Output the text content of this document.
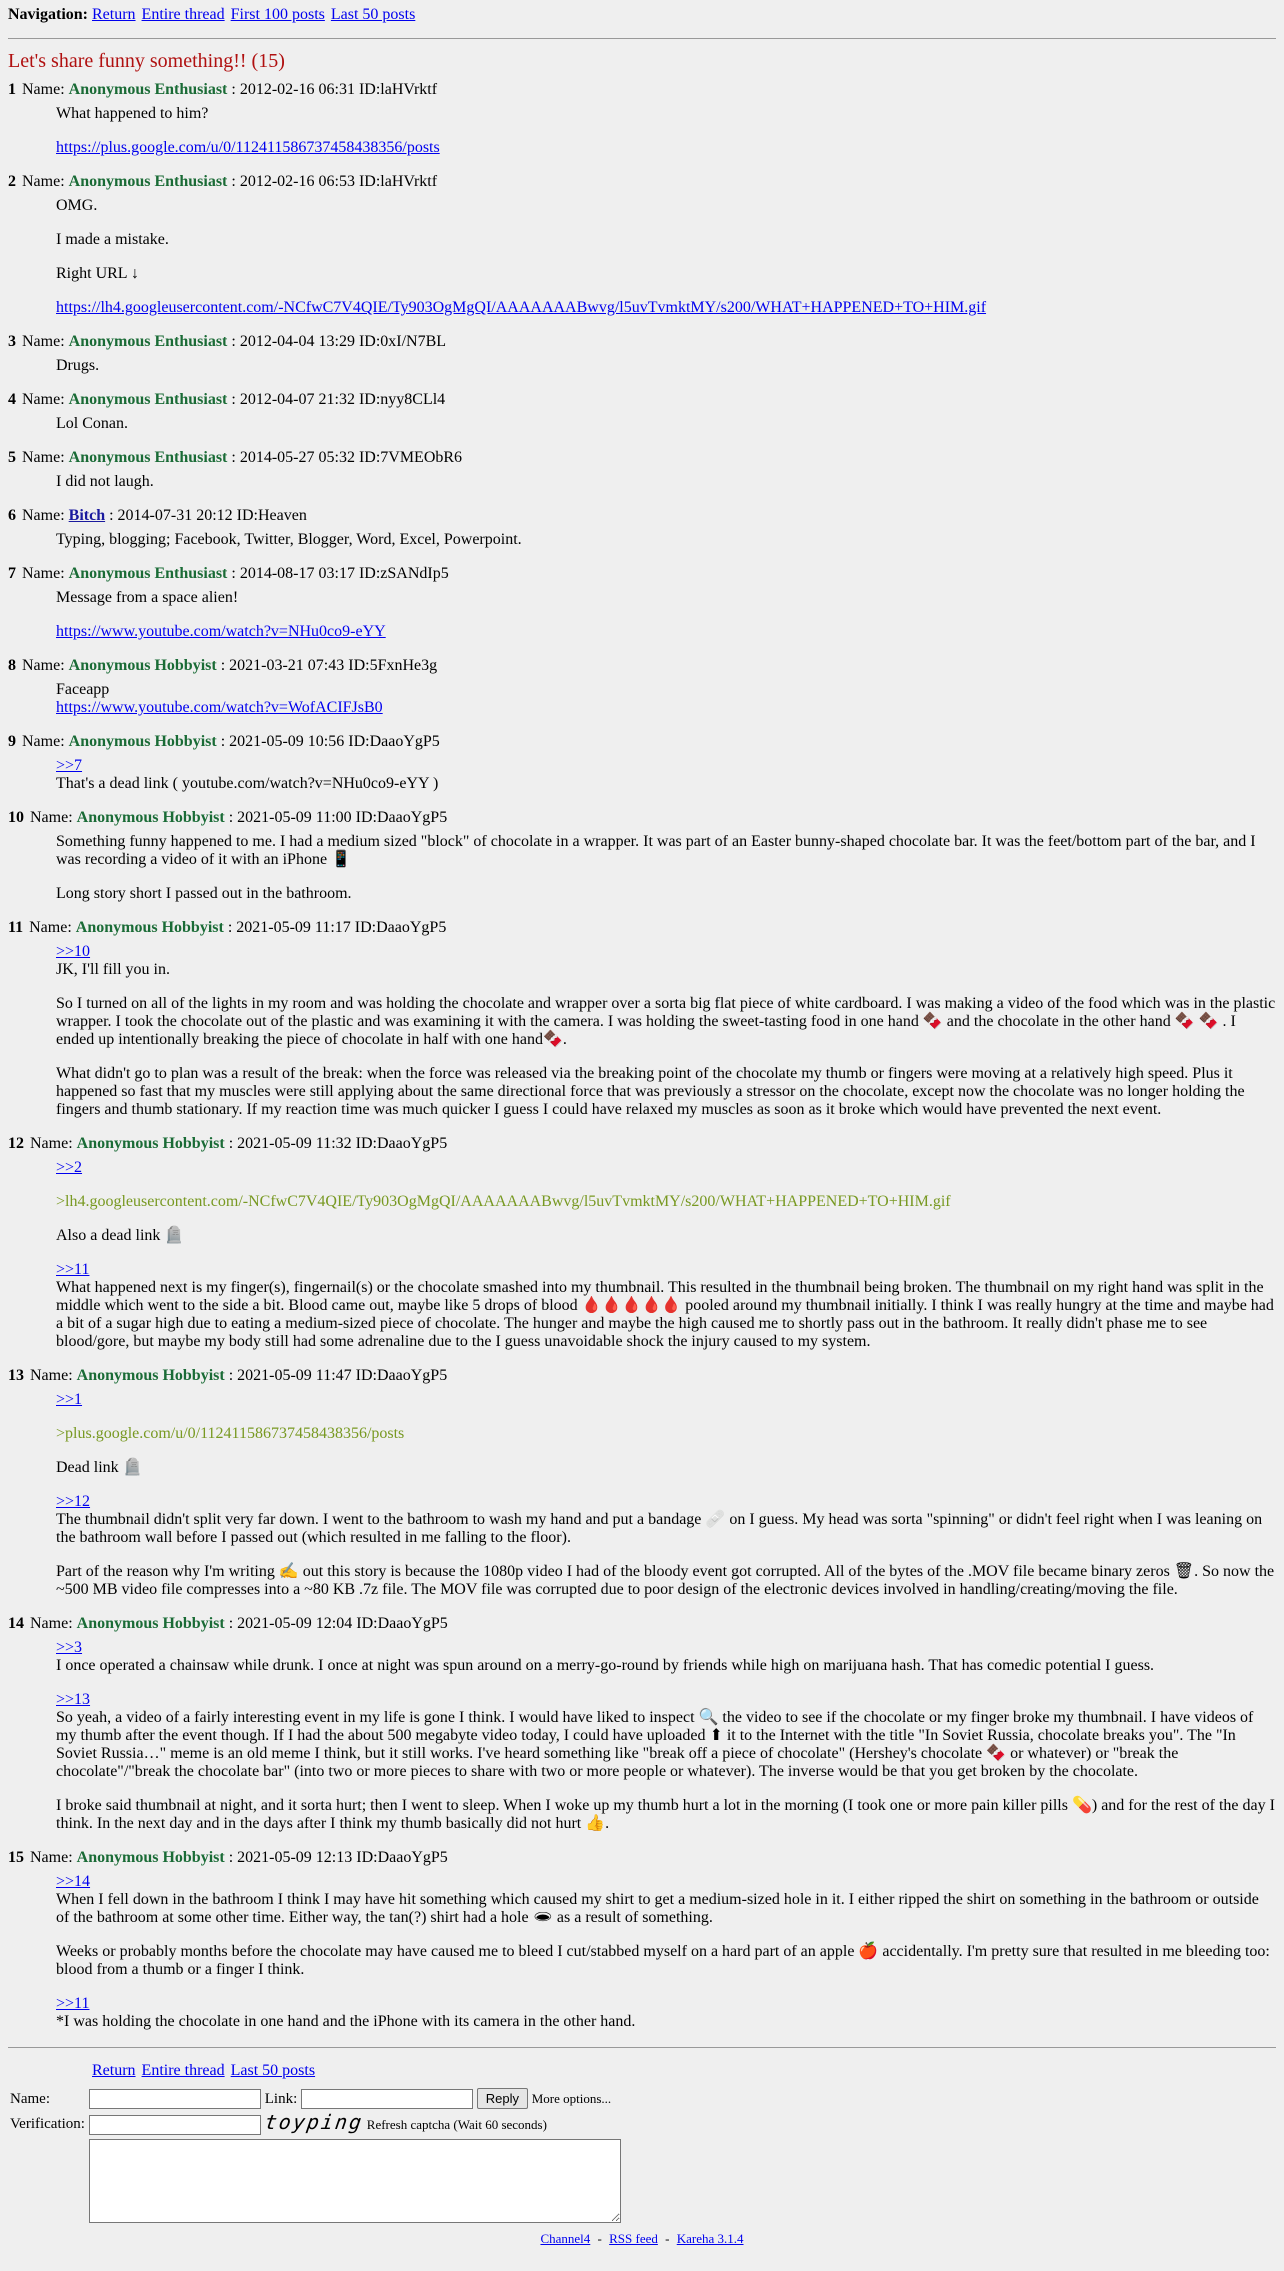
Navigation: Return Entire thread First 100 posts Last 50 posts
Let's share funny something!! (15)
1 Name: Anonymous Enthusiast : 2012-02-16 06:31 ID:laHVrktf

What happened to him?

https://plus.google.com/u/0/112411586737458438356/posts

2 Name: Anonymous Enthusiast : 2012-02-16 06:53 ID:laHVrktf

OMG.

I made a mistake.

Right URL ↓

https://lh4.googleusercontent.com/-NCfwC7V4QIE/Ty903OgMgQI/AAAAAAABwvg/l5uvTvmktMY/s200/WHAT+HAPPENED+TO+HIM.gif

3 Name: Anonymous Enthusiast : 2012-04-04 13:29 ID:0xI/N7BL

Drugs.

4 Name: Anonymous Enthusiast : 2012-04-07 21:32 ID:nyy8CLl4

Lol Conan.

5 Name: Anonymous Enthusiast : 2014-05-27 05:32 ID:7VMEObR6

I did not laugh.

6 Name: Bitch : 2014-07-31 20:12 ID:Heaven

Typing, blogging; Facebook, Twitter, Blogger, Word, Excel, Powerpoint.

7 Name: Anonymous Enthusiast : 2014-08-17 03:17 ID:zSANdIp5

Message from a space alien!

https://www.youtube.com/watch?v=NHu0co9-eYY

8 Name: Anonymous Hobbyist : 2021-03-21 07:43 ID:5FxnHe3g

Faceapp

https://www.youtube.com/watch?v=WofACIFJsB0

9 Name: Anonymous Hobbyist : 2021-05-09 10:56 ID:DaaoYgP5

>>7

That's a dead link ( youtube.com/watch?v=NHu0co9-eYY )

10 Name: Anonymous Hobbyist : 2021-05-09 11:00 ID:DaaoYgP5

Something funny happened to me. I had a medium sized "block" of chocolate in a wrapper. It was part of an Easter bunny-shaped chocolate bar. It was the feet/bottom part of the bar, and I was recording a video of it with an iPhone 📱

Long story short I passed out in the bathroom.

11 Name: Anonymous Hobbyist : 2021-05-09 11:17 ID:DaaoYgP5

>>10

JK, I'll fill you in.

So I turned on all of the lights in my room and was holding the chocolate and wrapper over a sorta big flat piece of white cardboard. I was making a video of the food which was in the plastic wrapper. I took the chocolate out of the plastic and was examining it with the camera. I was holding the sweet-tasting food in one hand 🍫 and the chocolate in the other hand 🍫 🍫 . I ended up intentionally breaking the piece of chocolate in half with one hand🍫.

What didn't go to plan was a result of the break: when the force was released via the breaking point of the chocolate my thumb or fingers were moving at a relatively high speed. Plus it happened so fast that my muscles were still applying about the same directional force that was previously a stressor on the chocolate, except now the chocolate was no longer holding the fingers and thumb stationary. If my reaction time was much quicker I guess I could have relaxed my muscles as soon as it broke which would have prevented the next event.

12 Name: Anonymous Hobbyist : 2021-05-09 11:32 ID:DaaoYgP5

>>2

>lh4.googleusercontent.com/-NCfwC7V4QIE/Ty903OgMgQI/AAAAAAABwvg/l5uvTvmktMY/s200/WHAT+HAPPENED+TO+HIM.gif

Also a dead link 🪦

>>11

What happened next is my finger(s), fingernail(s) or the chocolate smashed into my thumbnail. This resulted in the thumbnail being broken. The thumbnail on my right hand was split in the middle which went to the side a bit. Blood came out, maybe like 5 drops of blood 🩸🩸🩸🩸🩸 pooled around my thumbnail initially. I think I was really hungry at the time and maybe had a bit of a sugar high due to eating a medium-sized piece of chocolate. The hunger and maybe the high caused me to shortly pass out in the bathroom. It really didn't phase me to see blood/gore, but maybe my body still had some adrenaline due to the I guess unavoidable shock the injury caused to my system.

13 Name: Anonymous Hobbyist : 2021-05-09 11:47 ID:DaaoYgP5

>>1

>plus.google.com/u/0/112411586737458438356/posts

Dead link 🪦

>>12

The thumbnail didn't split very far down. I went to the bathroom to wash my hand and put a bandage 🩹 on I guess. My head was sorta "spinning" or didn't feel right when I was leaning on the bathroom wall before I passed out (which resulted in me falling to the floor).

Part of the reason why I'm writing ✍ out this story is because the 1080p video I had of the bloody event got corrupted. All of the bytes of the .MOV file became binary zeros 🗑. So now the ~500 MB video file compresses into a ~80 KB .7z file. The MOV file was corrupted due to poor design of the electronic devices involved in handling/creating/moving the file.

14 Name: Anonymous Hobbyist : 2021-05-09 12:04 ID:DaaoYgP5

>>3

I once operated a chainsaw while drunk. I once at night was spun around on a merry-go-round by friends while high on marijuana hash. That has comedic potential I guess.

>>13

So yeah, a video of a fairly interesting event in my life is gone I think. I would have liked to inspect 🔍 the video to see if the chocolate or my finger broke my thumbnail. I have videos of my thumb after the event though. If I had the about 500 megabyte video today, I could have uploaded ⬆ it to the Internet with the title "In Soviet Russia, chocolate breaks you". The "In Soviet Russia…" meme is an old meme I think, but it still works. I've heard something like "break off a piece of chocolate" (Hershey's chocolate 🍫 or whatever) or "break the chocolate"/"break the chocolate bar" (into two or more pieces to share with two or more people or whatever). The inverse would be that you get broken by the chocolate.

I broke said thumbnail at night, and it sorta hurt; then I went to sleep. When I woke up my thumb hurt a lot in the morning (I took one or more pain killer pills 💊) and for the rest of the day I think. In the next day and in the days after I think my thumb basically did not hurt 👍.

15 Name: Anonymous Hobbyist : 2021-05-09 12:13 ID:DaaoYgP5

>>14

When I fell down in the bathroom I think I may have hit something which caused my shirt to get a medium-sized hole in it. I either ripped the shirt on something in the bathroom or outside of the bathroom at some other time. Either way, the tan(?) shirt had a hole 🕳 as a result of something.

Weeks or probably months before the chocolate may have caused me to bleed I cut/stabbed myself on a hard part of an apple 🍎 accidentally. I'm pretty sure that resulted in me bleeding too: blood from a thumb or a finger I think.

>>11

*I was holding the chocolate in one hand and the iPhone with its camera in the other hand.

Return Entire thread Last 50 posts
Name:	Link: Reply More options...
Verification:	toyping Refresh captcha (Wait 60 seconds)

Channel4 - RSS feed - Kareha 3.1.4
